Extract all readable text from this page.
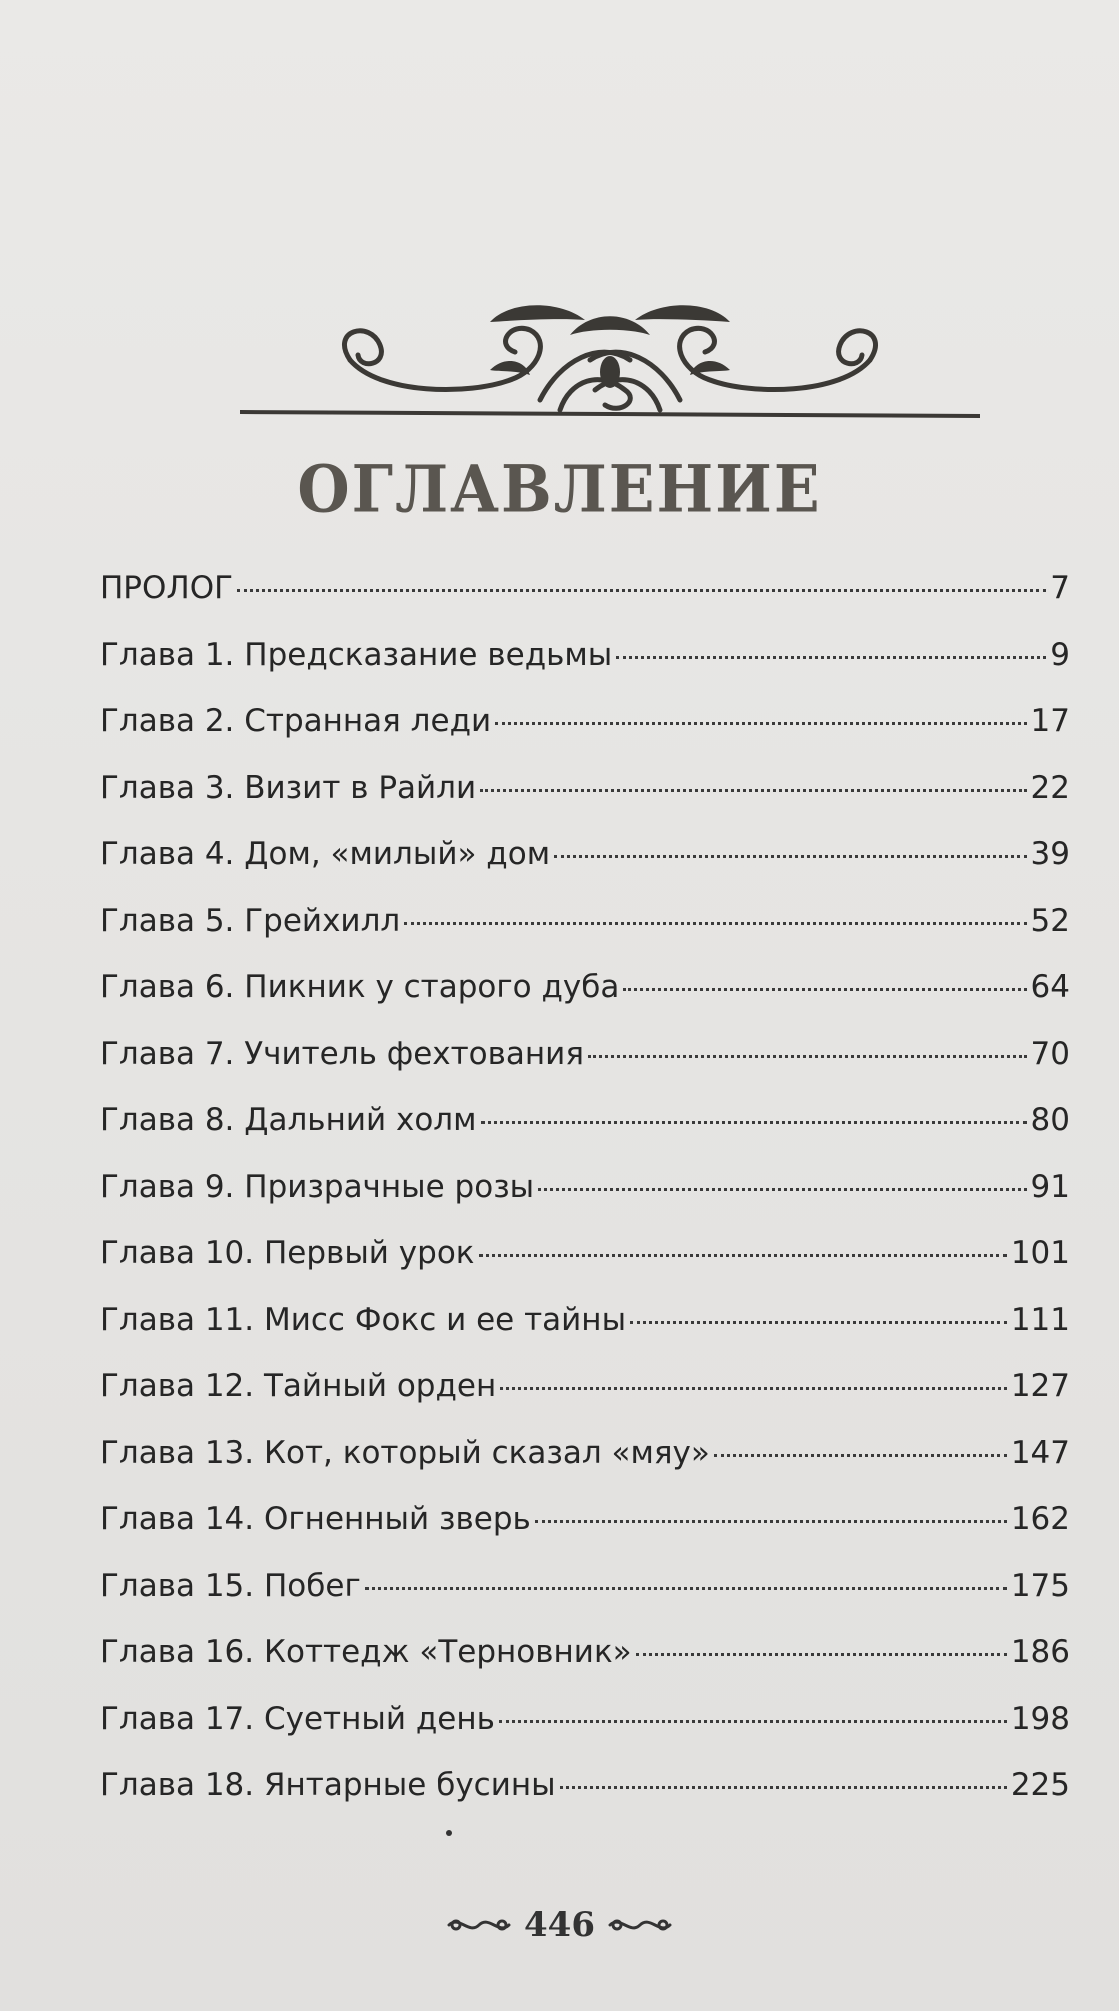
ОГЛАВЛЕНИЕ
ПРОЛОГ	7
Глава 1. Предсказание ведьмы	9
Глава 2. Странная леди	17
Глава 3. Визит в Райли	22
Глава 4. Дом, «милый» дом	39
Глава 5. Грейхилл	52
Глава 6. Пикник у старого дуба	64
Глава 7. Учитель фехтования	70
Глава 8. Дальний холм	80
Глава 9. Призрачные розы	91
Глава 10. Первый урок	101
Глава 11. Мисс Фокс и ее тайны	111
Глава 12. Тайный орден	127
Глава 13. Кот, который сказал «мяу»	147
Глава 14. Огненный зверь	162
Глава 15. Побег	175
Глава 16. Коттедж «Терновник»	186
Глава 17. Суетный день	198
Глава 18. Янтарные бусины	225
446
